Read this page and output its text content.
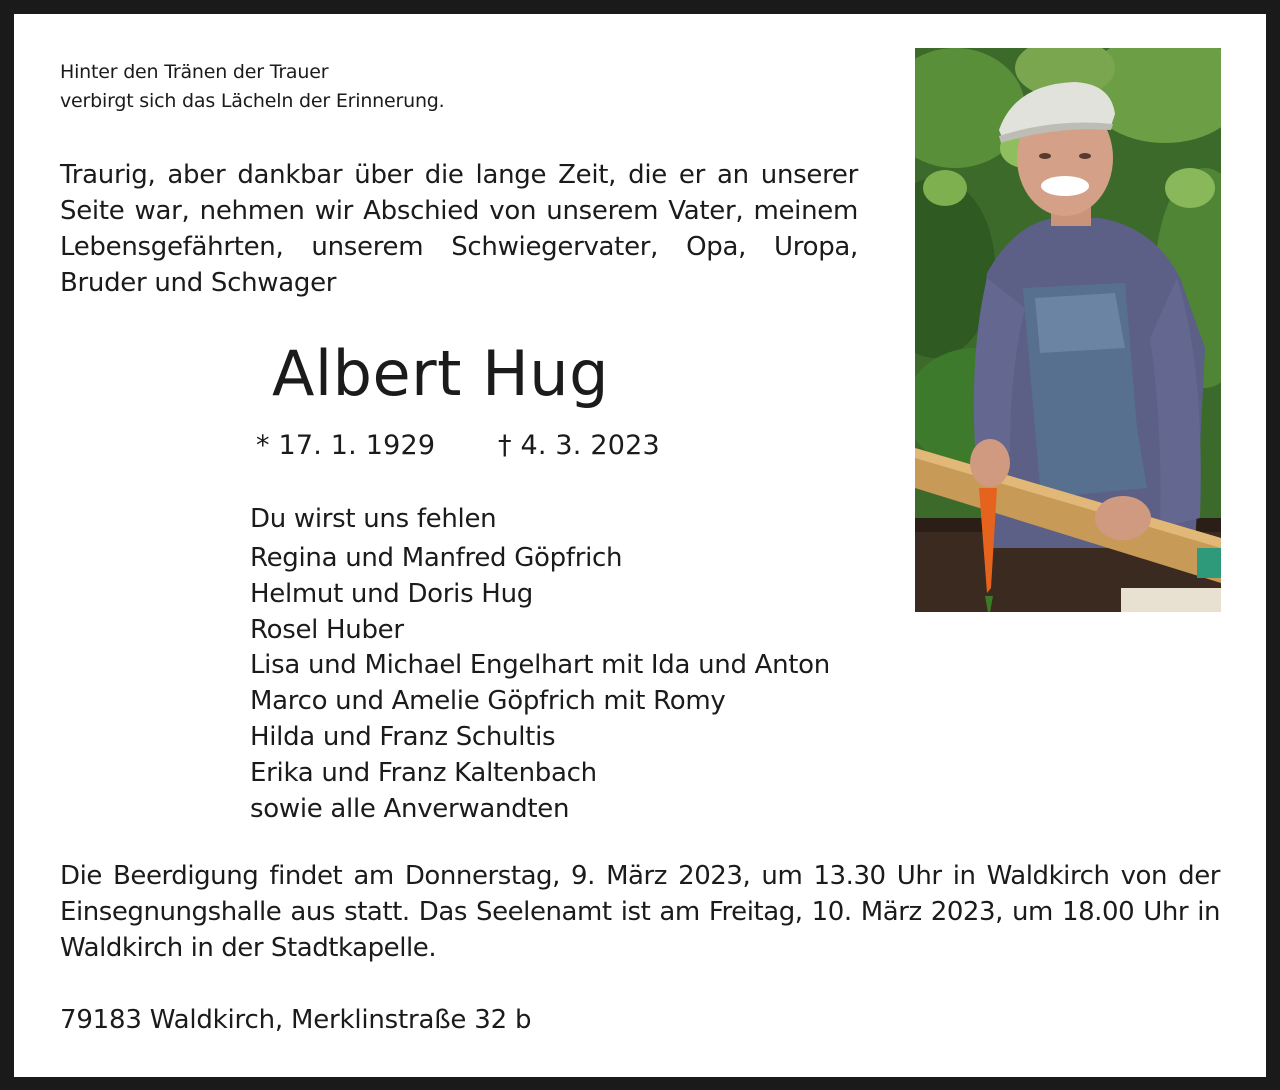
Hinter den Tränen der Trauer
verbirgt sich das Lächeln der Erinnerung.
Traurig, aber dankbar über die lange Zeit, die er an unserer Seite war, nehmen wir Abschied von unserem Vater, meinem Lebensgefährten, unserem Schwiegervater, Opa, Uropa, Bruder und Schwager
Albert Hug
* 17. 1. 1929 † 4. 3. 2023
Du wirst uns fehlen
Regina und Manfred Göpfrich
Helmut und Doris Hug
Rosel Huber
Lisa und Michael Engelhart mit Ida und Anton
Marco und Amelie Göpfrich mit Romy
Hilda und Franz Schultis
Erika und Franz Kaltenbach
sowie alle Anverwandten
Die Beerdigung findet am Donnerstag, 9. März 2023, um 13.30 Uhr in Waldkirch von der Einsegnungshalle aus statt. Das Seelenamt ist am Freitag, 10. März 2023, um 18.00 Uhr in Waldkirch in der Stadtkapelle.
79183 Waldkirch, Merklinstraße 32 b
